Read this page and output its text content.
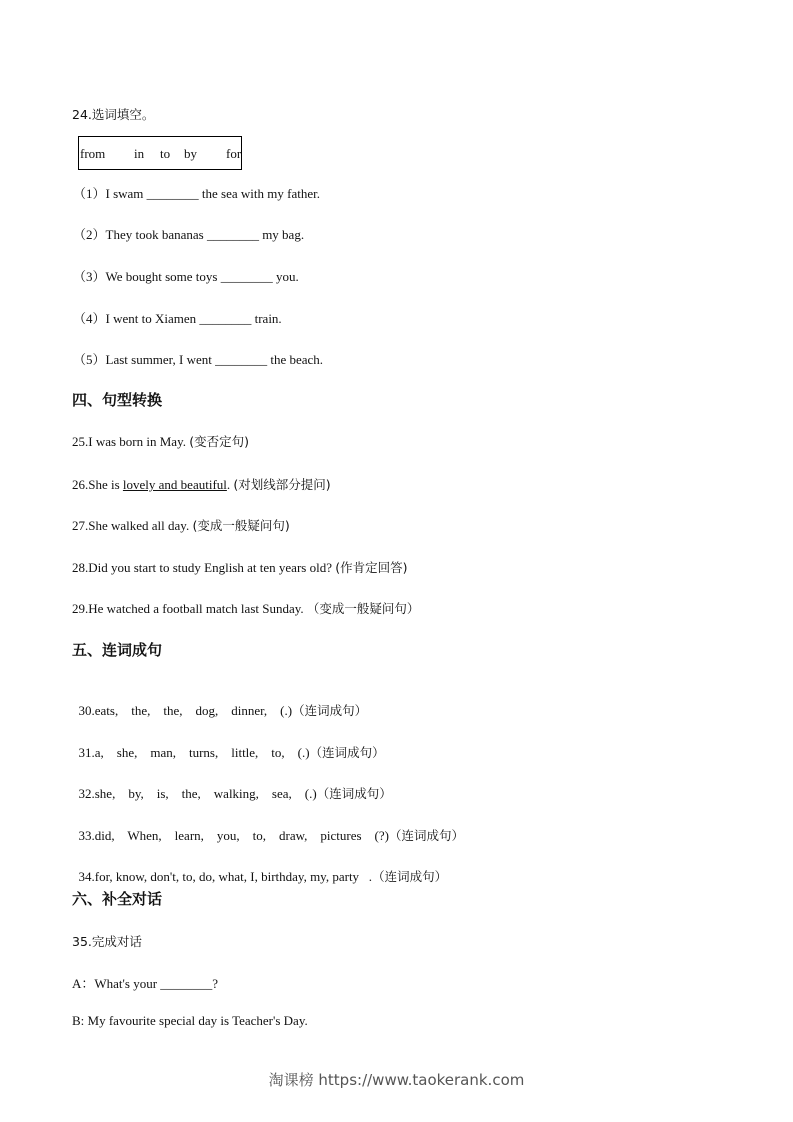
24.选词填空。
from in to by for
（1）I swam ________ the sea with my father.
（2）They took bananas ________ my bag.
（3）We bought some toys ________ you.
（4）I went to Xiamen ________ train.
（5）Last summer, I went ________ the beach.
四、句型转换
25.I was born in May. (变否定句)
26.She is lovely and beautiful. (对划线部分提问)
27.She walked all day. (变成一般疑问句)
28.Did you start to study English at ten years old? (作肯定回答)
29.He watched a football match last Sunday. （变成一般疑问句）
五、连词成句

30.eats,    the,    the,    dog,    dinner,    (.)（连词成句）

31.a,    she,    man,    turns,    little,    to,    (.)（连词成句）

32.she,    by,    is,    the,    walking,    sea,    (.)（连词成句）

33.did,    When,    learn,    you,    to,    draw,    pictures    (?)（连词成句）

34.for, know, don't, to, do, what, I, birthday, my, party   .（连词成句）

六、补全对话
35.完成对话
A：What's your ________?
B: My favourite special day is Teacher's Day.
淘课榜 https://www.taokerank.com
